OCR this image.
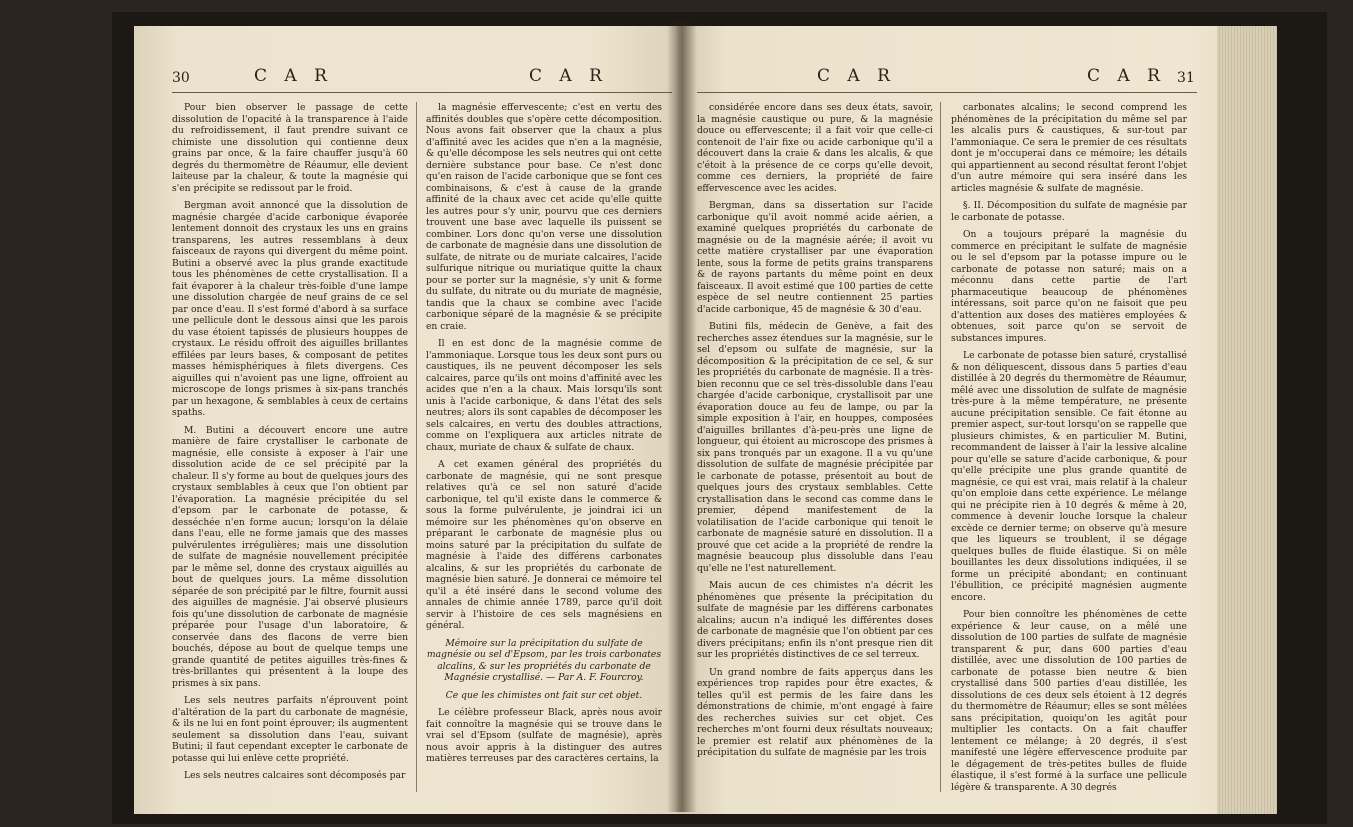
30	C A R	C A R

Pour bien observer le passage de cette dissolution de l'opacité à la transparence à l'aide du refroidissement, il faut prendre suivant ce chimiste une dissolution qui contienne deux grains par once, & la faire chauffer jusqu'à 60 degrés du thermomètre de Réaumur, elle devient laiteuse par la chaleur, & toute la magnésie qui s'en précipite se redissout par le froid.

Bergman avoit annoncé que la dissolution de magnésie chargée d'acide carbonique évaporée lentement donnoit des crystaux les uns en grains transparens, les autres ressemblans à deux faisceaux de rayons qui divergent du même point. Butini a observé avec la plus grande exactitude tous les phénomènes de cette crystallisation. Il a fait évaporer à la chaleur très-foible d'une lampe une dissolution chargée de neuf grains de ce sel par once d'eau. Il s'est formé d'abord à sa surface une pellicule dont le dessous ainsi que les parois du vase étoient tapissés de plusieurs houppes de crystaux. Le résidu offroit des aiguilles brillantes effilées par leurs bases, & composant de petites masses hémisphériques à filets divergens. Ces aiguilles qui n'avoient pas une ligne, offroient au microscope de longs prismes à six-pans tranchés par un hexagone, & semblables à ceux de certains spaths.

M. Butini a découvert encore une autre manière de faire crystalliser le carbonate de magnésie, elle consiste à exposer à l'air une dissolution acide de ce sel précipité par la chaleur. Il s'y forme au bout de quelques jours des crystaux semblables à ceux que l'on obtient par l'évaporation. La magnésie précipitée du sel d'epsom par le carbonate de potasse, & desséchée n'en forme aucun; lorsqu'on la délaie dans l'eau, elle ne forme jamais que des masses pulvérulentes irrégulières; mais une dissolution de sulfate de magnésie nouvellement précipitée par le même sel, donne des crystaux aiguillés au bout de quelques jours. La même dissolution séparée de son précipité par le filtre, fournit aussi des aiguilles de magnésie. J'ai observé plusieurs fois qu'une dissolution de carbonate de magnésie préparée pour l'usage d'un laboratoire, & conservée dans des flacons de verre bien bouchés, dépose au bout de quelque temps une grande quantité de petites aiguilles très-fines & très-brillantes qui présentent à la loupe des prismes à six pans.

Les sels neutres parfaits n'éprouvent point d'altération de la part du carbonate de magnésie, & ils ne lui en font point éprouver; ils augmentent seulement sa dissolution dans l'eau, suivant Butini; il faut cependant excepter le carbonate de potasse qui lui enlève cette propriété.

Les sels neutres calcaires sont décomposés par

la magnésie effervescente; c'est en vertu des affinités doubles que s'opère cette décomposition. Nous avons fait observer que la chaux a plus d'affinité avec les acides que n'en a la magnésie, & qu'elle décompose les sels neutres qui ont cette dernière substance pour base. Ce n'est donc qu'en raison de l'acide carbonique que se font ces combinaisons, & c'est à cause de la grande affinité de la chaux avec cet acide qu'elle quitte les autres pour s'y unir, pourvu que ces derniers trouvent une base avec laquelle ils puissent se combiner. Lors donc qu'on verse une dissolution de carbonate de magnésie dans une dissolution de sulfate, de nitrate ou de muriate calcaires, l'acide sulfurique nitrique ou muriatique quitte la chaux pour se porter sur la magnésie, s'y unit & forme du sulfate, du nitrate ou du muriate de magnésie, tandis que la chaux se combine avec l'acide carbonique séparé de la magnésie & se précipite en craie.

Il en est donc de la magnésie comme de l'ammoniaque. Lorsque tous les deux sont purs ou caustiques, ils ne peuvent décomposer les sels calcaires, parce qu'ils ont moins d'affinité avec les acides que n'en a la chaux. Mais lorsqu'ils sont unis à l'acide carbonique, & dans l'état des sels neutres; alors ils sont capables de décomposer les sels calcaires, en vertu des doubles attractions, comme on l'expliquera aux articles nitrate de chaux, muriate de chaux & sulfate de chaux.

A cet examen général des propriétés du carbonate de magnésie, qui ne sont presque relatives qu'à ce sel non saturé d'acide carbonique, tel qu'il existe dans le commerce & sous la forme pulvérulente, je joindrai ici un mémoire sur les phénomènes qu'on observe en préparant le carbonate de magnésie plus ou moins saturé par la précipitation du sulfate de magnésie à l'aide des différens carbonates alcalins, & sur les propriétés du carbonate de magnésie bien saturé. Je donnerai ce mémoire tel qu'il a été inséré dans le second volume des annales de chimie année 1789, parce qu'il doit servir à l'histoire de ces sels magnésiens en général.

Mémoire sur la précipitation du sulfate de magnésie ou sel d'Epsom, par les trois carbonates alcalins, & sur les propriétés du carbonate de Magnésie crystallisé. — Par A. F. Fourcroy.

Ce que les chimistes ont fait sur cet objet.

Le célèbre professeur Black, après nous avoir fait connoître la magnésie qui se trouve dans le vrai sel d'Epsom (sulfate de magnésie), après nous avoir appris à la distinguer des autres matières terreuses par des caractères certains, la

C A R	C A R 31

considérée encore dans ses deux états, savoir, la magnésie caustique ou pure, & la magnésie douce ou effervescente; il a fait voir que celle-ci contenoit de l'air fixe ou acide carbonique qu'il a découvert dans la craie & dans les alcalis, & que c'étoit à la présence de ce corps qu'elle devoit, comme ces derniers, la propriété de faire effervescence avec les acides.

Bergman, dans sa dissertation sur l'acide carbonique qu'il avoit nommé acide aérien, a examiné quelques propriétés du carbonate de magnésie ou de la magnésie aérée; il avoit vu cette matière crystalliser par une évaporation lente, sous la forme de petits grains transparens & de rayons partants du même point en deux faisceaux. Il avoit estimé que 100 parties de cette espèce de sel neutre contiennent 25 parties d'acide carbonique, 45 de magnésie & 30 d'eau.

Butini fils, médecin de Genève, a fait des recherches assez étendues sur la magnésie, sur le sel d'epsom ou sulfate de magnésie, sur la décomposition & la précipitation de ce sel, & sur les propriétés du carbonate de magnésie. Il a très-bien reconnu que ce sel très-dissoluble dans l'eau chargée d'acide carbonique, crystallisoit par une évaporation douce au feu de lampe, ou par la simple exposition à l'air, en houppes, composées d'aiguilles brillantes d'à-peu-près une ligne de longueur, qui étoient au microscope des prismes à six pans tronqués par un exagone. Il a vu qu'une dissolution de sulfate de magnésie précipitée par le carbonate de potasse, présentoit au bout de quelques jours des crystaux semblables. Cette crystallisation dans le second cas comme dans le premier, dépend manifestement de la volatilisation de l'acide carbonique qui tenoit le carbonate de magnésie saturé en dissolution. Il a prouvé que cet acide a la propriété de rendre la magnésie beaucoup plus dissoluble dans l'eau qu'elle ne l'est naturellement.

Mais aucun de ces chimistes n'a décrit les phénomènes que présente la précipitation du sulfate de magnésie par les différens carbonates alcalins; aucun n'a indiqué les différentes doses de carbonate de magnésie que l'on obtient par ces divers précipitans; enfin ils n'ont presque rien dit sur les propriétés distinctives de ce sel terreux.

Un grand nombre de faits apperçus dans les expériences trop rapides pour être exactes, & telles qu'il est permis de les faire dans les démonstrations de chimie, m'ont engagé à faire des recherches suivies sur cet objet. Ces recherches m'ont fourni deux résultats nouveaux; le premier est relatif aux phénomènes de la précipitation du sulfate de magnésie par les trois

carbonates alcalins; le second comprend les phénomènes de la précipitation du même sel par les alcalis purs & caustiques, & sur-tout par l'ammoniaque. Ce sera le premier de ces résultats dont je m'occuperai dans ce mémoire; les détails qui appartiennent au second résultat feront l'objet d'un autre mémoire qui sera inséré dans les articles magnésie & sulfate de magnésie.

§. II. Décomposition du sulfate de magnésie par le carbonate de potasse.

On a toujours préparé la magnésie du commerce en précipitant le sulfate de magnésie ou le sel d'epsom par la potasse impure ou le carbonate de potasse non saturé; mais on a méconnu dans cette partie de l'art pharmaceutique beaucoup de phénomènes intéressans, soit parce qu'on ne faisoit que peu d'attention aux doses des matières employées & obtenues, soit parce qu'on se servoit de substances impures.

Le carbonate de potasse bien saturé, crystallisé & non déliquescent, dissous dans 5 parties d'eau distillée à 20 degrés du thermomètre de Réaumur, mêlé avec une dissolution de sulfate de magnésie très-pure à la même température, ne présente aucune précipitation sensible. Ce fait étonne au premier aspect, sur-tout lorsqu'on se rappelle que plusieurs chimistes, & en particulier M. Butini, recommandent de laisser à l'air la lessive alcaline pour qu'elle se sature d'acide carbonique, & pour qu'elle précipite une plus grande quantité de magnésie, ce qui est vrai, mais relatif à la chaleur qu'on emploie dans cette expérience. Le mélange qui ne précipite rien à 10 degrés & même à 20, commence à devenir louche lorsque la chaleur excède ce dernier terme; on observe qu'à mesure que les liqueurs se troublent, il se dégage quelques bulles de fluide élastique. Si on mêle bouillantes les deux dissolutions indiquées, il se forme un précipité abondant; en continuant l'ébullition, ce précipité magnésien augmente encore.

Pour bien connoître les phénomènes de cette expérience & leur cause, on a mêlé une dissolution de 100 parties de sulfate de magnésie transparent & pur, dans 600 parties d'eau distillée, avec une dissolution de 100 parties de carbonate de potasse bien neutre & bien crystallisé dans 500 parties d'eau distillée, les dissolutions de ces deux sels étoient à 12 degrés du thermomètre de Réaumur; elles se sont mêlées sans précipitation, quoiqu'on les agitât pour multiplier les contacts. On a fait chauffer lentement ce mélange; à 20 degrés, il s'est manifesté une légère effervescence produite par le dégagement de très-petites bulles de fluide élastique, il s'est formé à la surface une pellicule légère & transparente. A 30 degrés
